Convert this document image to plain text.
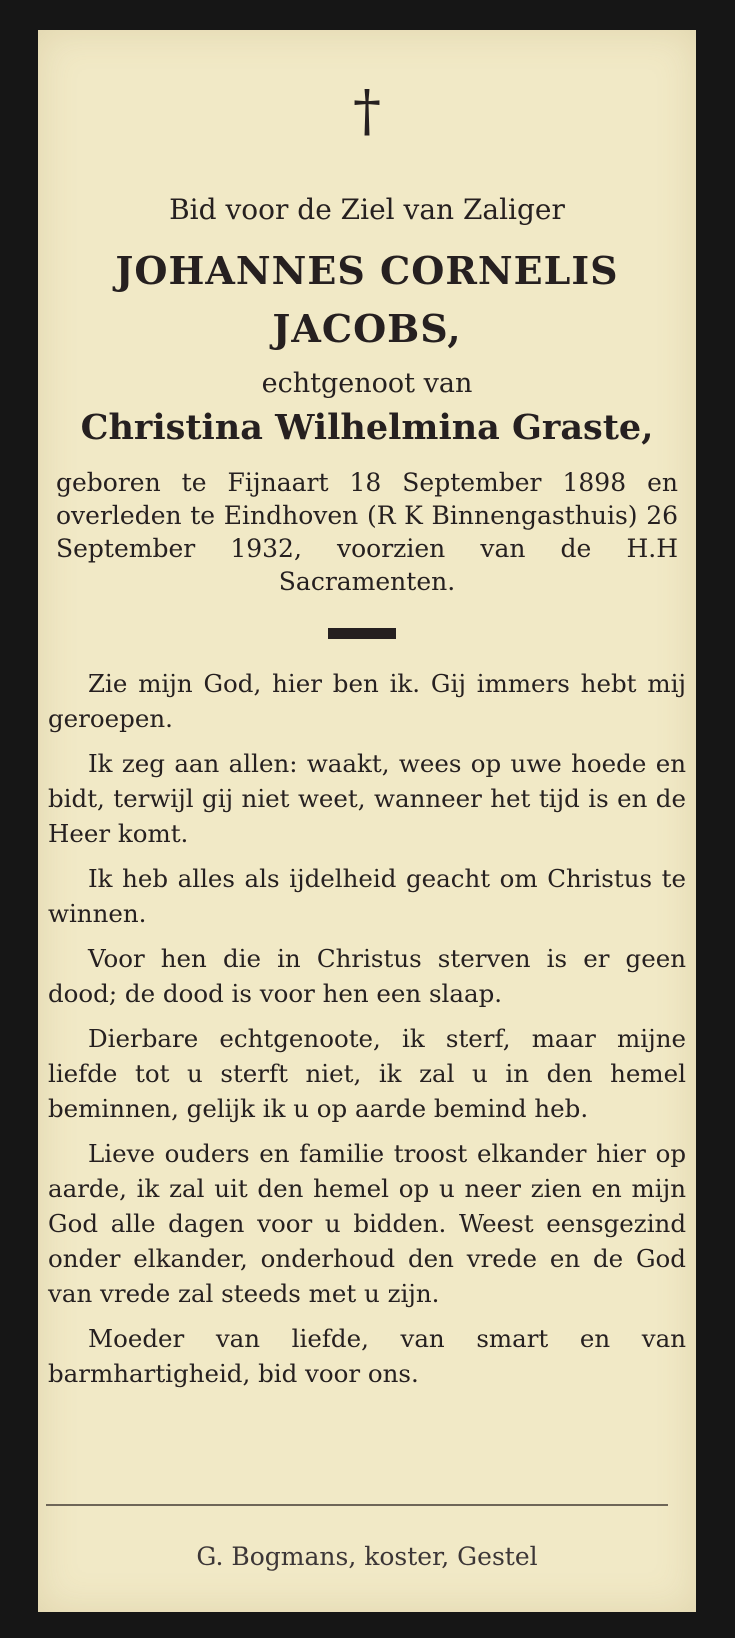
†
Bid voor de Ziel van Zaliger
JOHANNES CORNELIS
JACOBS,
echtgenoot van
Christina Wilhelmina Graste,
geboren te Fijnaart 18 September 1898 en overleden te Eindhoven (R K Binnengasthuis) 26 September 1932, voorzien van de H.H Sacramenten.

Zie mijn God, hier ben ik. Gij immers hebt mij geroepen.

Ik zeg aan allen: waakt, wees op uwe hoede en bidt, terwijl gij niet weet, wanneer het tijd is en de Heer komt.

Ik heb alles als ijdelheid geacht om Christus te winnen.

Voor hen die in Christus sterven is er geen dood; de dood is voor hen een slaap.

Dierbare echtgenoote, ik sterf, maar mijne liefde tot u sterft niet, ik zal u in den hemel beminnen, gelijk ik u op aarde bemind heb.

Lieve ouders en familie troost elkander hier op aarde, ik zal uit den hemel op u neer zien en mijn God alle dagen voor u bidden. Weest eensgezind onder elkander, onderhoud den vrede en de God van vrede zal steeds met u zijn.

Moeder van liefde, van smart en van barmhartigheid, bid voor ons.

G. Bogmans, koster, Gestel
